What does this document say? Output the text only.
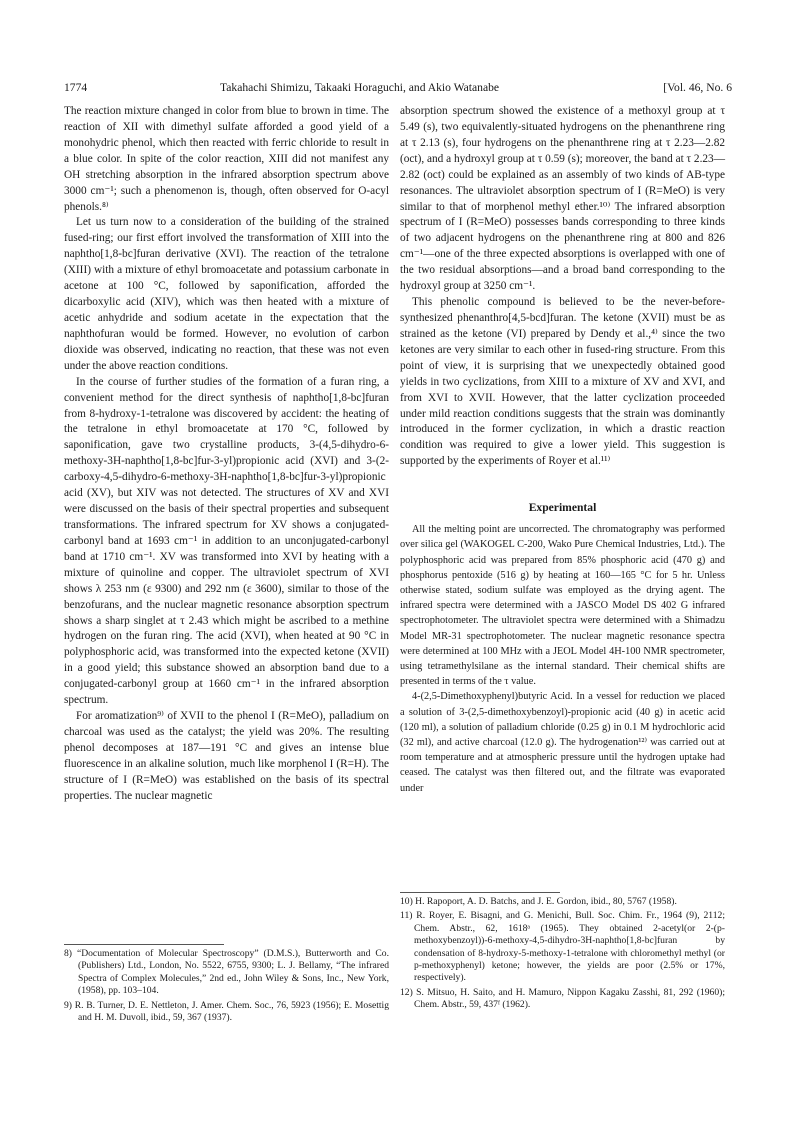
1774	Takahachi Shimizu, Takaaki Horaguchi, and Akio Watanabe	[Vol. 46, No. 6

The reaction mixture changed in color from blue to brown in time. The reaction of XII with dimethyl sulfate afforded a good yield of a monohydric phenol, which then reacted with ferric chloride to result in a blue color. In spite of the color reaction, XIII did not manifest any OH stretching absorption in the infrared absorption spectrum above 3000 cm⁻¹; such a phenomenon is, though, often observed for O-acyl phenols.⁸⁾

Let us turn now to a consideration of the building of the strained fused-ring; our first effort involved the transformation of XIII into the naphtho[1,8-bc]furan derivative (XVI). The reaction of the tetralone (XIII) with a mixture of ethyl bromoacetate and potassium carbonate in acetone at 100 °C, followed by saponification, afforded the dicarboxylic acid (XIV), which was then heated with a mixture of acetic anhydride and sodium acetate in the expectation that the naphthofuran would be formed. However, no evolution of carbon dioxide was observed, indicating no reaction, that these was not even under the above reaction conditions.

In the course of further studies of the formation of a furan ring, a convenient method for the direct synthesis of naphtho[1,8-bc]furan from 8-hydroxy-1-tetralone was discovered by accident: the heating of the tetralone in ethyl bromoacetate at 170 °C, followed by saponification, gave two crystalline products, 3-(4,5-dihydro-6-methoxy-3H-naphtho[1,8-bc]fur-3-yl)propionic acid (XVI) and 3-(2-carboxy-4,5-dihydro-6-methoxy-3H-naphtho[1,8-bc]fur-3-yl)propionic acid (XV), but XIV was not detected. The structures of XV and XVI were discussed on the basis of their spectral properties and subsequent transformations. The infrared spectrum for XV shows a conjugated-carbonyl band at 1693 cm⁻¹ in addition to an unconjugated-carbonyl band at 1710 cm⁻¹. XV was transformed into XVI by heating with a mixture of quinoline and copper. The ultraviolet spectrum of XVI shows λ 253 nm (ε 9300) and 292 nm (ε 3600), similar to those of the benzofurans, and the nuclear magnetic resonance absorption spectrum shows a sharp singlet at τ 2.43 which might be ascribed to a methine hydrogen on the furan ring. The acid (XVI), when heated at 90 °C in polyphosphoric acid, was transformed into the expected ketone (XVII) in a good yield; this substance showed an absorption band due to a conjugated-carbonyl group at 1660 cm⁻¹ in the infrared absorption spectrum.

For aromatization⁹⁾ of XVII to the phenol I (R=MeO), palladium on charcoal was used as the catalyst; the yield was 20%. The resulting phenol decomposes at 187—191 °C and gives an intense blue fluorescence in an alkaline solution, much like morphenol I (R=H). The structure of I (R=MeO) was established on the basis of its spectral properties. The nuclear magnetic

absorption spectrum showed the existence of a methoxyl group at τ 5.49 (s), two equivalently-situated hydrogens on the phenanthrene ring at τ 2.13 (s), four hydrogens on the phenanthrene ring at τ 2.23—2.82 (oct), and a hydroxyl group at τ 0.59 (s); moreover, the band at τ 2.23—2.82 (oct) could be explained as an assembly of two kinds of AB-type resonances. The ultraviolet absorption spectrum of I (R=MeO) is very similar to that of morphenol methyl ether.¹⁰⁾ The infrared absorption spectrum of I (R=MeO) possesses bands corresponding to three kinds of two adjacent hydrogens on the phenanthrene ring at 800 and 826 cm⁻¹—one of the three expected absorptions is overlapped with one of the two residual absorptions—and a broad band corresponding to the hydroxyl group at 3250 cm⁻¹.

This phenolic compound is believed to be the never-before-synthesized phenanthro[4,5-bcd]furan. The ketone (XVII) must be as strained as the ketone (VI) prepared by Dendy et al.,⁴⁾ since the two ketones are very similar to each other in fused-ring structure. From this point of view, it is surprising that we unexpectedly obtained good yields in two cyclizations, from XIII to a mixture of XV and XVI, and from XVI to XVII. However, that the latter cyclization proceeded under mild reaction conditions suggests that the strain was dominantly introduced in the former cyclization, in which a drastic reaction condition was required to give a lower yield. This suggestion is supported by the experiments of Royer et al.¹¹⁾

Experimental

All the melting point are uncorrected. The chromatography was performed over silica gel (WAKOGEL C-200, Wako Pure Chemical Industries, Ltd.). The polyphosphoric acid was prepared from 85% phosphoric acid (470 g) and phosphorus pentoxide (516 g) by heating at 160—165 °C for 5 hr. Unless otherwise stated, sodium sulfate was employed as the drying agent. The infrared spectra were determined with a JASCO Model DS 402 G infrared spectrophotometer. The ultraviolet spectra were determined with a Shimadzu Model MR-31 spectrophotometer. The nuclear magnetic resonance spectra were determined at 100 MHz with a JEOL Model 4H-100 NMR spectrometer, using tetramethylsilane as the internal standard. Their chemical shifts are presented in terms of the τ value.

4-(2,5-Dimethoxyphenyl)butyric Acid. In a vessel for reduction we placed a solution of 3-(2,5-dimethoxybenzoyl)-propionic acid (40 g) in acetic acid (120 ml), a solution of palladium chloride (0.25 g) in 0.1 M hydrochloric acid (32 ml), and active charcoal (12.0 g). The hydrogenation¹²⁾ was carried out at room temperature and at atmospheric pressure until the hydrogen uptake had ceased. The catalyst was then filtered out, and the filtrate was evaporated under

8) “Documentation of Molecular Spectroscopy” (D.M.S.), Butterworth and Co. (Publishers) Ltd., London, No. 5522, 6755, 9300; L. J. Bellamy, “The infrared Spectra of Complex Molecules,” 2nd ed., John Wiley & Sons, Inc., New York, (1958), pp. 103–104.

9) R. B. Turner, D. E. Nettleton, J. Amer. Chem. Soc., 76, 5923 (1956); E. Mosettig and H. M. Duvoll, ibid., 59, 367 (1937).

10) H. Rapoport, A. D. Batchs, and J. E. Gordon, ibid., 80, 5767 (1958).

11) R. Royer, E. Bisagni, and G. Menichi, Bull. Soc. Chim. Fr., 1964 (9), 2112; Chem. Abstr., 62, 1618ᵃ (1965). They obtained 2-acetyl(or 2-(p-methoxybenzoyl))-6-methoxy-4,5-dihydro-3H-naphtho[1,8-bc]furan by condensation of 8-hydroxy-5-methoxy-1-tetralone with chloromethyl methyl (or p-methoxyphenyl) ketone; however, the yields are poor (2.5% or 17%, respectively).

12) S. Mitsuo, H. Saito, and H. Mamuro, Nippon Kagaku Zasshi, 81, 292 (1960); Chem. Abstr., 59, 437ᶠ (1962).
